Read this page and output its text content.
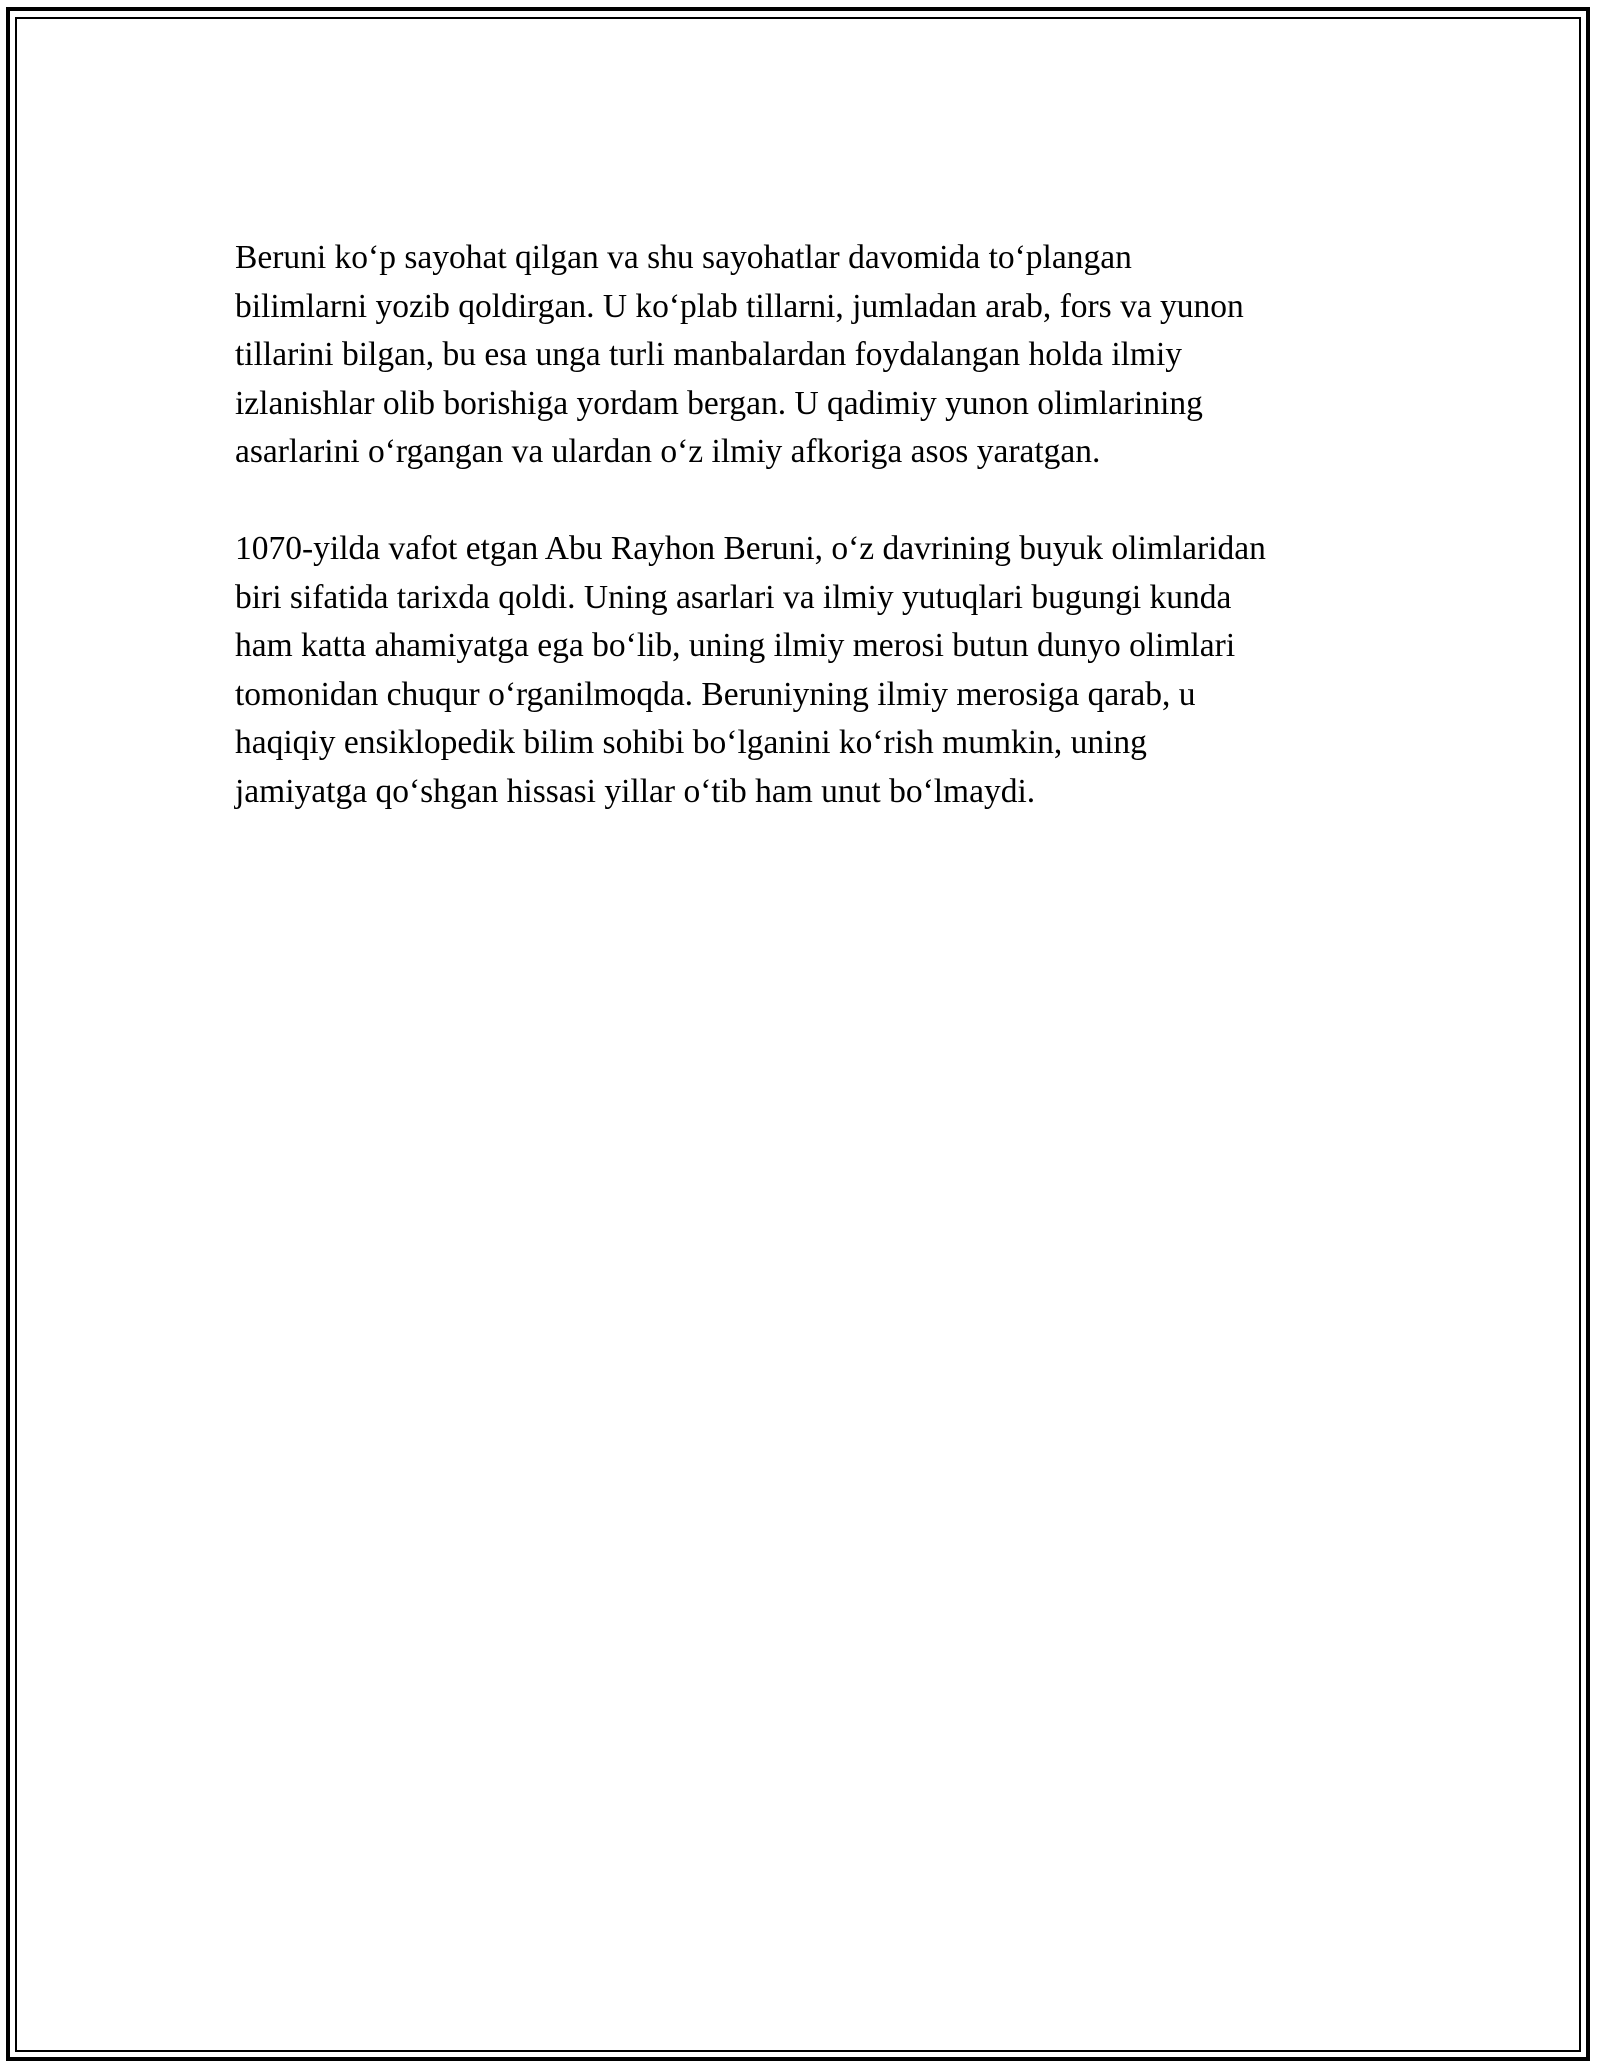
Beruni ko‘p sayohat qilgan va shu sayohatlar davomida to‘plangan
bilimlarni yozib qoldirgan. U ko‘plab tillarni, jumladan arab, fors va yunon
tillarini bilgan, bu esa unga turli manbalardan foydalangan holda ilmiy
izlanishlar olib borishiga yordam bergan. U qadimiy yunon olimlarining
asarlarini o‘rgangan va ulardan o‘z ilmiy afkoriga asos yaratgan.

1070-yilda vafot etgan Abu Rayhon Beruni, o‘z davrining buyuk olimlaridan
biri sifatida tarixda qoldi. Uning asarlari va ilmiy yutuqlari bugungi kunda
ham katta ahamiyatga ega bo‘lib, uning ilmiy merosi butun dunyo olimlari
tomonidan chuqur o‘rganilmoqda. Beruniyning ilmiy merosiga qarab, u
haqiqiy ensiklopedik bilim sohibi bo‘lganini ko‘rish mumkin, uning
jamiyatga qo‘shgan hissasi yillar o‘tib ham unut bo‘lmaydi.
